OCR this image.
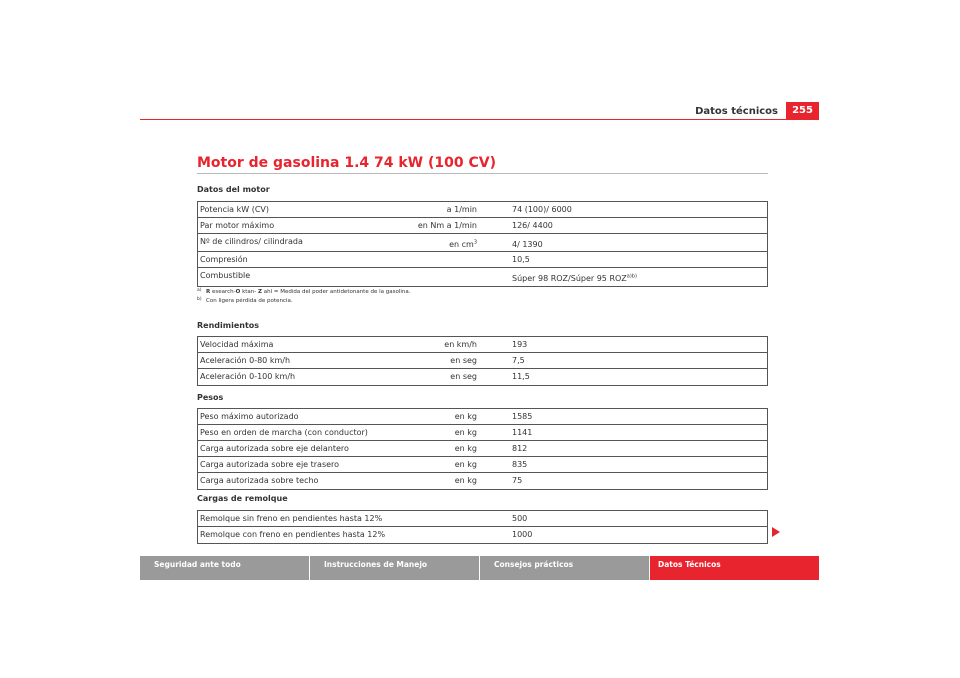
Datos técnicos	255
Motor de gasolina 1.4 74 kW (100 CV)
Datos del motor
Potencia kW (CV)	a 1/min	74 (100)/ 6000
Par motor máximo	en Nm a 1/min	126/ 4400
Nº de cilindros/ cilindrada	en $cm^3$	4/ 1390
Compresión	10,5
Combustible	Súper 98 ROZ/Súper 95 $ROZ^{a)b)}$
a) R esearch-O ktan- Z ahl = Medida del poder antidetonante de la gasolina.
b) Con ligera pérdida de potencia.
Rendimientos
Velocidad máxima	en km/h	193
Aceleración 0-80 km/h	en seg	7,5
Aceleración 0-100 km/h	en seg	11,5
Pesos
Peso máximo autorizado	en kg	1585
Peso en orden de marcha (con conductor)	en kg	1141
Carga autorizada sobre eje delantero	en kg	812
Carga autorizada sobre eje trasero	en kg	835
Carga autorizada sobre techo	en kg	75
Cargas de remolque
Remolque sin freno en pendientes hasta 12%	500
Remolque con freno en pendientes hasta 12%	1000
Seguridad ante todo	Instrucciones de Manejo	Consejos prácticos	Datos Técnicos
